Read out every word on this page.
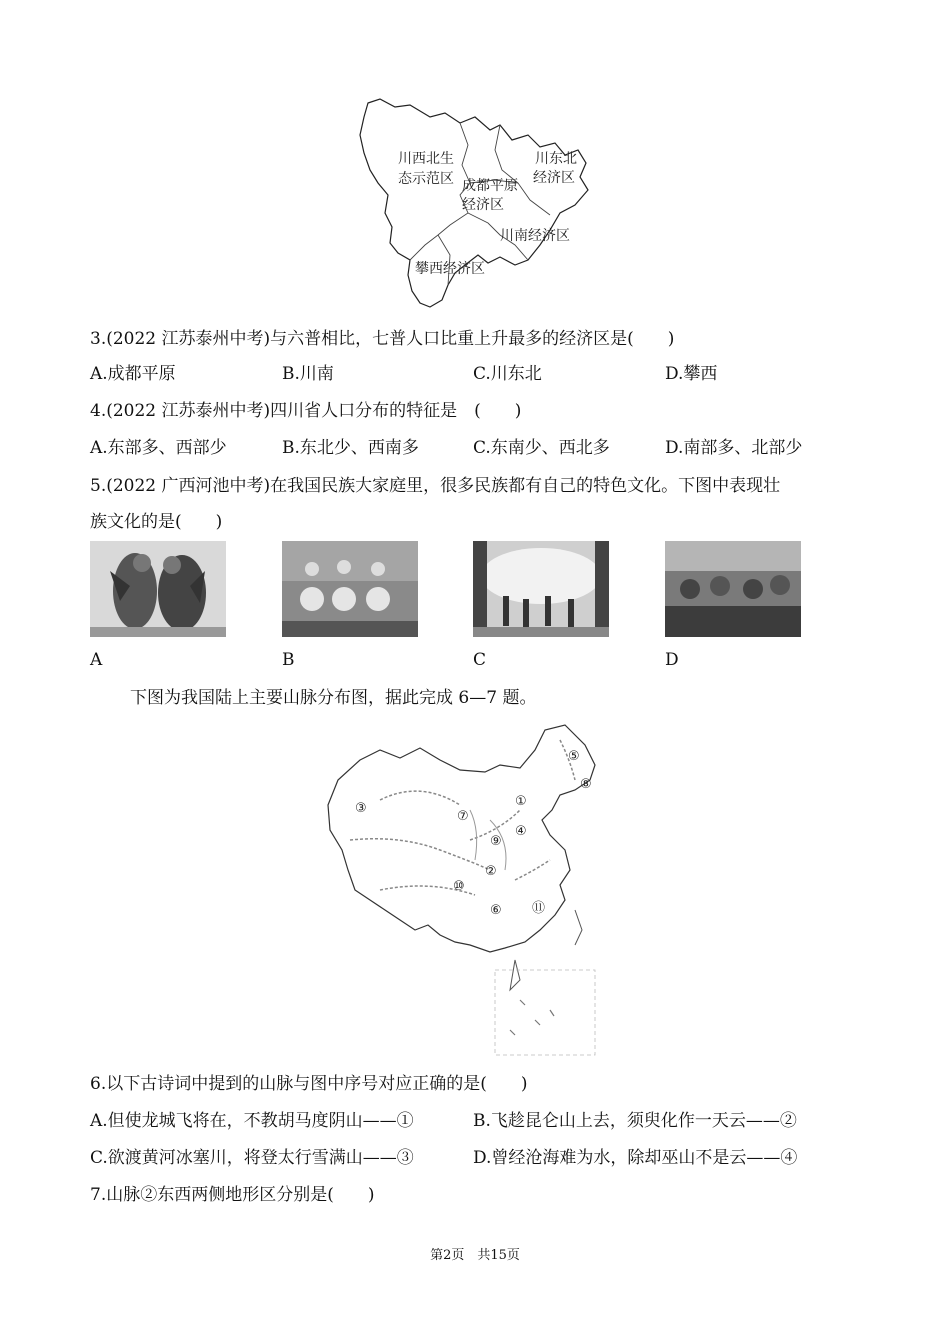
川西北生
态示范区 成都平原
经济区
川东北
经济区
川南经济区
攀西经济区
3.(2022 江苏泰州中考)与六普相比，七普人口比重上升最多的经济区是(　　)
A.成都平原	B.川南	C.川东北	D.攀西
4.(2022 江苏泰州中考)四川省人口分布的特征是　(　　)
A.东部多、西部少	B.东北少、西南多	C.东南少、西北多	D.南部多、北部少
5.(2022 广西河池中考)在我国民族大家庭里，很多民族都有自己的特色文化。下图中表现壮
族文化的是(　　)
A	B	C	D
下图为我国陆上主要山脉分布图，据此完成 6—7 题。
①
②
③
④
⑤
⑥
⑦
⑧
⑨
⑩
⑪
6.以下古诗词中提到的山脉与图中序号对应正确的是(　　)
A.但使龙城飞将在，不教胡马度阴山——①	B.飞趁昆仑山上去，须臾化作一天云——②
C.欲渡黄河冰塞川，将登太行雪满山——③	D.曾经沧海难为水，除却巫山不是云——④
7.山脉②东西两侧地形区分别是(　　)
第2页　共15页
